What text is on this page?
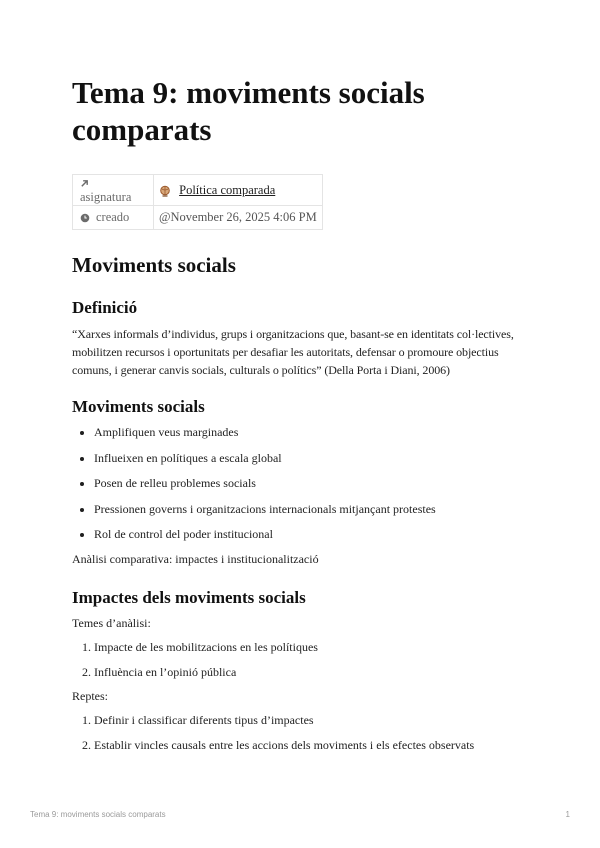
Tema 9: moviments socials comparats
asignatura	Política comparada
creado	@November 26, 2025 4:06 PM
Moviments socials
Definició

“Xarxes informals d’individus, grups i organitzacions que, basant-se en identitats col·lectives, mobilitzen recursos i oportunitats per desafiar les autoritats, defensar o promoure objectius comuns, i generar canvis socials, culturals o polítics” (Della Porta i Diani, 2006)

Moviments socials
• Amplifiquen veus marginades
• Influeixen en polítiques a escala global
• Posen de relleu problemes socials
• Pressionen governs i organitzacions internacionals mitjançant protestes
• Rol de control del poder institucional

Anàlisi comparativa: impactes i institucionalització

Impactes dels moviments socials

Temes d’anàlisi:

1. Impacte de les mobilitzacions en les polítiques
2. Influència en l’opinió pública

Reptes:

1. Definir i classificar diferents tipus d’impactes
2. Establir vincles causals entre les accions dels moviments i els efectes observats
Tema 9: moviments socials comparats	1
